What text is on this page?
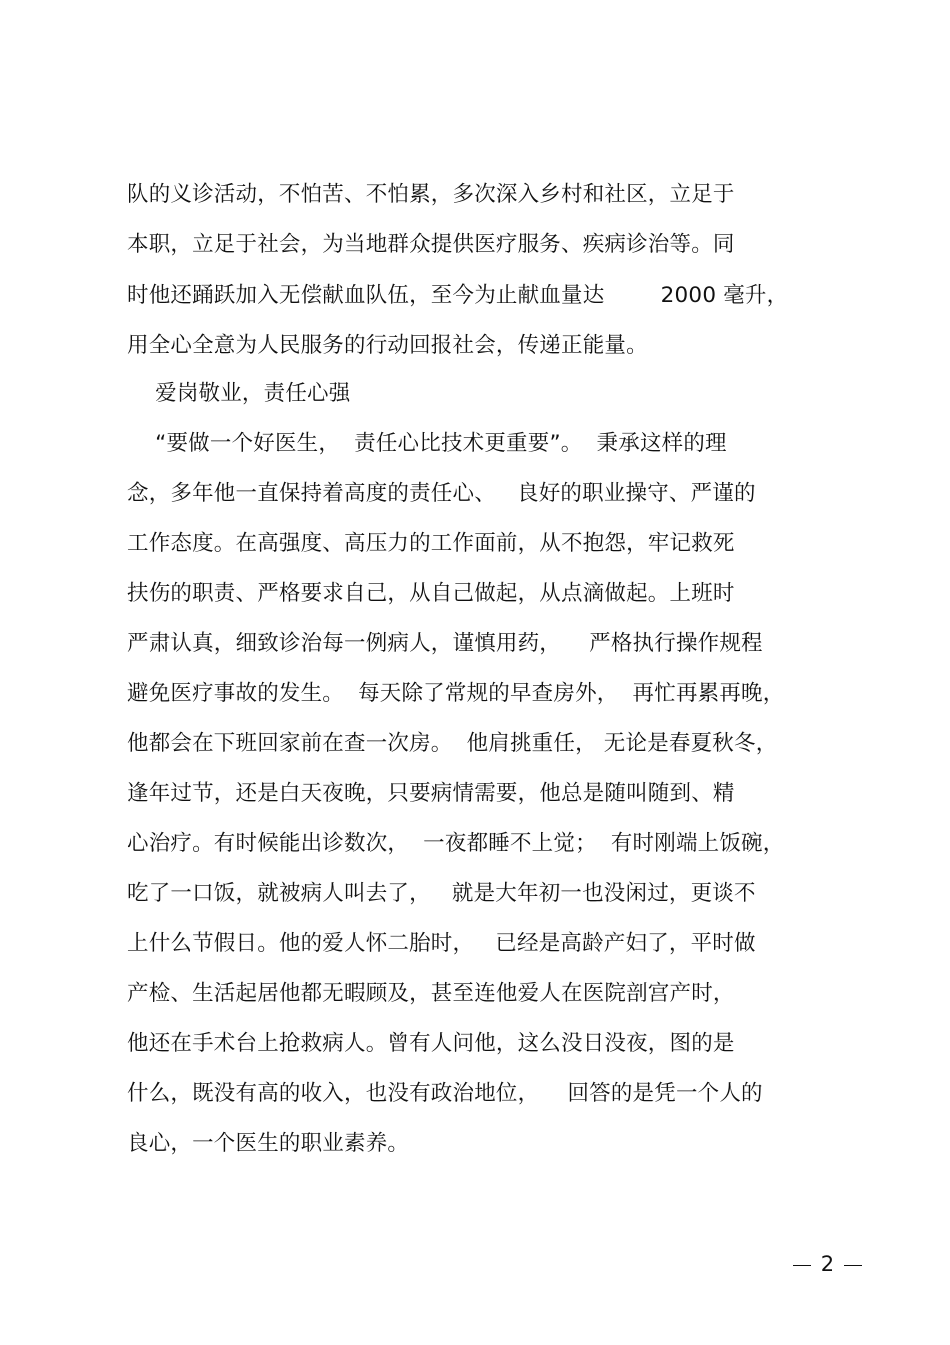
队的义诊活动，不怕苦、不怕累，多次深入乡村和社区，立足于
本职，立足于社会，为当地群众提供医疗服务、疾病诊治等。同
时他还踊跃加入无偿献血队伍，至今为止献血量达        2000 毫升，
用全心全意为人民服务的行动回报社会，传递正能量。
爱岗敬业，责任心强
“要做一个好医生，  责任心比技术更重要”。  秉承这样的理
念，多年他一直保持着高度的责任心、   良好的职业操守、严谨的
工作态度。在高强度、高压力的工作面前，从不抱怨，牢记救死
扶伤的职责、严格要求自己，从自己做起，从点滴做起。上班时
严肃认真，细致诊治每一例病人，谨慎用药，    严格执行操作规程
避免医疗事故的发生。  每天除了常规的早查房外，  再忙再累再晚，
他都会在下班回家前在查一次房。  他肩挑重任， 无论是春夏秋冬，
逢年过节，还是白天夜晚，只要病情需要，他总是随叫随到、精
心治疗。有时候能出诊数次，  一夜都睡不上觉；  有时刚端上饭碗，
吃了一口饭，就被病人叫去了，   就是大年初一也没闲过，更谈不
上什么节假日。他的爱人怀二胎时，   已经是高龄产妇了，平时做
产检、生活起居他都无暇顾及，甚至连他爱人在医院剖宫产时，
他还在手术台上抢救病人。曾有人问他，这么没日没夜，图的是
什么，既没有高的收入，也没有政治地位，    回答的是凭一个人的
良心，一个医生的职业素养。

2
